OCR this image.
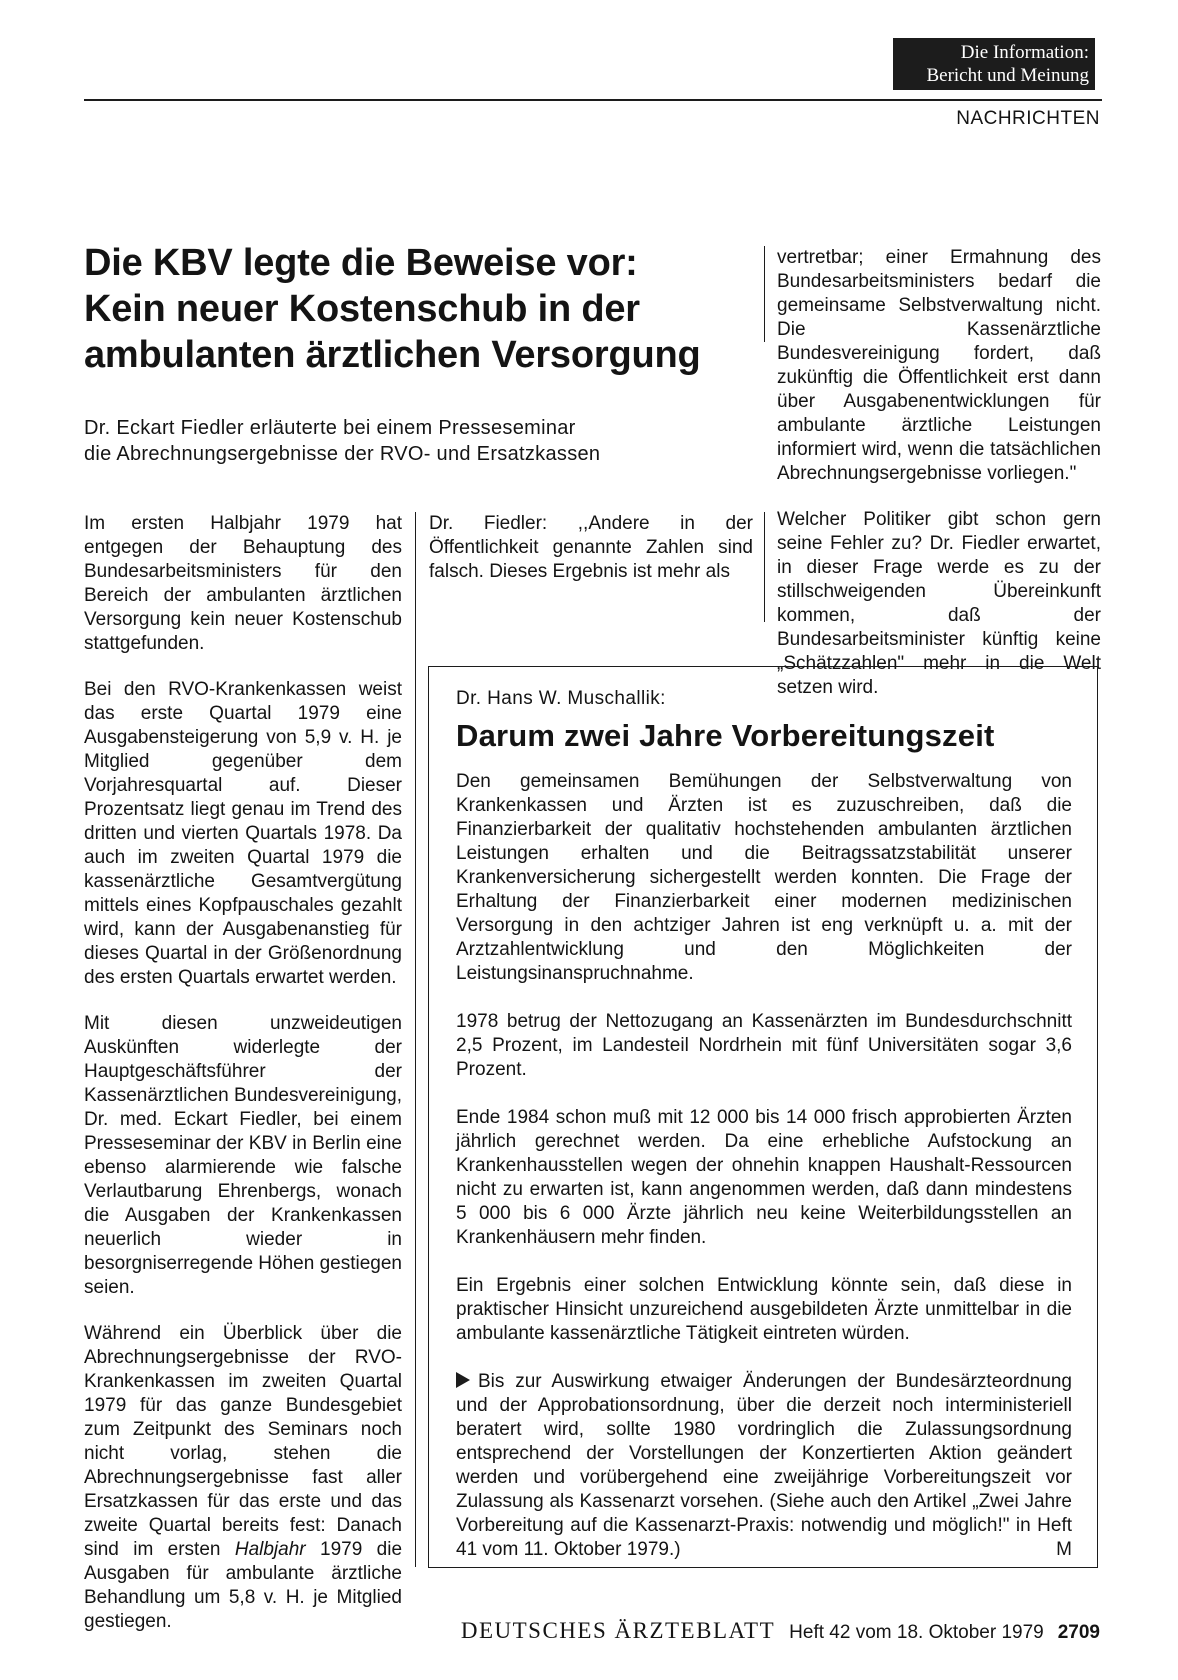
Die Information:
Bericht und Meinung
NACHRICHTEN
Die KBV legte die Beweise vor:
Kein neuer Kostenschub in der
ambulanten ärztlichen Versorgung
Dr. Eckart Fiedler erläuterte bei einem Presseseminar
die Abrechnungsergebnisse der RVO- und Ersatzkassen

Im ersten Halbjahr 1979 hat entgegen der Behauptung des Bundesarbeitsministers für den Bereich der ambulanten ärztlichen Versorgung kein neuer Kostenschub stattgefunden.

Bei den RVO-Krankenkassen weist das erste Quartal 1979 eine Ausgabensteigerung von 5,9 v. H. je Mitglied gegenüber dem Vorjahresquartal auf. Dieser Prozentsatz liegt genau im Trend des dritten und vierten Quartals 1978. Da auch im zweiten Quartal 1979 die kassenärztliche Gesamtvergütung mittels eines Kopfpauschales gezahlt wird, kann der Ausgabenanstieg für dieses Quartal in der Größenordnung des ersten Quartals erwartet werden.

Mit diesen unzweideutigen Auskünften widerlegte der Hauptgeschäftsführer der Kassenärztlichen Bundesvereinigung, Dr. med. Eckart Fiedler, bei einem Presseseminar der KBV in Berlin eine ebenso alarmierende wie falsche Verlautbarung Ehrenbergs, wonach die Ausgaben der Krankenkassen neuerlich wieder in besorgniserregende Höhen gestiegen seien.

Während ein Überblick über die Abrechnungsergebnisse der RVO-Krankenkassen im zweiten Quartal 1979 für das ganze Bundesgebiet zum Zeitpunkt des Seminars noch nicht vorlag, stehen die Abrechnungsergebnisse fast aller Ersatzkassen für das erste und das zweite Quartal bereits fest: Danach sind im ersten Halbjahr 1979 die Ausgaben für ambulante ärztliche Behandlung um 5,8 v. H. je Mitglied gestiegen.

Dr. Fiedler: ,,Andere in der Öffentlichkeit genannte Zahlen sind falsch. Dieses Ergebnis ist mehr als

vertretbar; einer Ermahnung des Bundesarbeitsministers bedarf die gemeinsame Selbstverwaltung nicht. Die Kassenärztliche Bundesvereinigung fordert, daß zukünftig die Öffentlichkeit erst dann über Ausgabenentwicklungen für ambulante ärztliche Leistungen informiert wird, wenn die tatsächlichen Abrechnungsergebnisse vorliegen."

Welcher Politiker gibt schon gern seine Fehler zu? Dr. Fiedler erwartet, in dieser Frage werde es zu der stillschweigenden Übereinkunft kommen, daß der Bundesarbeitsminister künftig keine „Schätzzahlen" mehr in die Welt setzen wird.

Dr. Hans W. Muschallik:
Darum zwei Jahre Vorbereitungszeit

Den gemeinsamen Bemühungen der Selbstverwaltung von Krankenkassen und Ärzten ist es zuzuschreiben, daß die Finanzierbarkeit der qualitativ hochstehenden ambulanten ärztlichen Leistungen erhalten und die Beitragssatzstabilität unserer Krankenversicherung sichergestellt werden konnten. Die Frage der Erhaltung der Finanzierbarkeit einer modernen medizinischen Versorgung in den achtziger Jahren ist eng verknüpft u. a. mit der Arztzahlentwicklung und den Möglichkeiten der Leistungsinanspruchnahme.

1978 betrug der Nettozugang an Kassenärzten im Bundesdurchschnitt 2,5 Prozent, im Landesteil Nordrhein mit fünf Universitäten sogar 3,6 Prozent.

Ende 1984 schon muß mit 12 000 bis 14 000 frisch approbierten Ärzten jährlich gerechnet werden. Da eine erhebliche Aufstockung an Krankenhausstellen wegen der ohnehin knappen Haushalt-Ressourcen nicht zu erwarten ist, kann angenommen werden, daß dann mindestens 5 000 bis 6 000 Ärzte jährlich neu keine Weiterbildungsstellen an Krankenhäusern mehr finden.

Ein Ergebnis einer solchen Entwicklung könnte sein, daß diese in praktischer Hinsicht unzureichend ausgebildeten Ärzte unmittelbar in die ambulante kassenärztliche Tätigkeit eintreten würden.

Bis zur Auswirkung etwaiger Änderungen der Bundesärzteordnung und der Approbationsordnung, über die derzeit noch interministeriell beratert wird, sollte 1980 vordringlich die Zulassungsordnung entsprechend der Vorstellungen der Konzertierten Aktion geändert werden und vorübergehend eine zweijährige Vorbereitungszeit vor Zulassung als Kassenarzt vorsehen. (Siehe auch den Artikel „Zwei Jahre Vorbereitung auf die Kassenarzt-Praxis: notwendig und möglich!" in Heft 41 vom 11. Oktober 1979.)	M

DEUTSCHES ÄRZTEBLATT Heft 42 vom 18. Oktober 1979 2709
